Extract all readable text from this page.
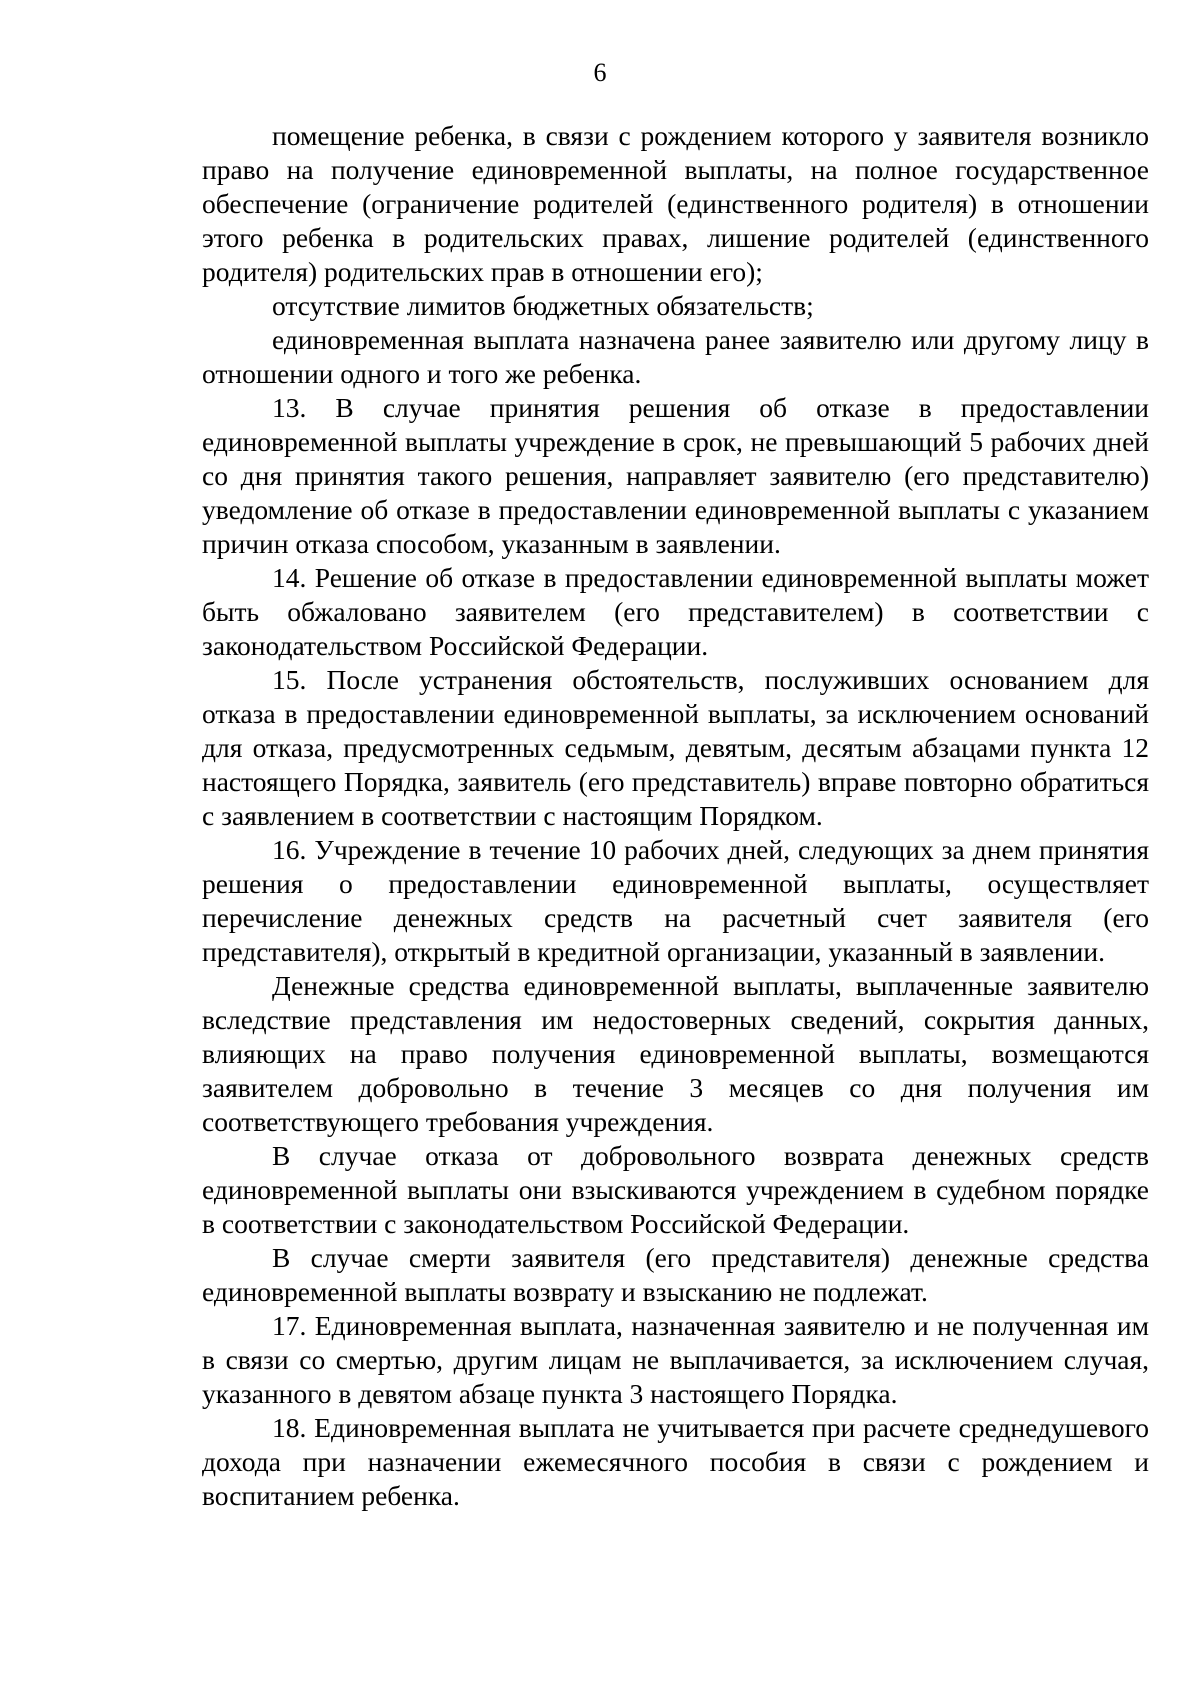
6

помещение ребенка, в связи с рождением которого у заявителя возникло право на получение единовременной выплаты, на полное государственное обеспечение (ограничение родителей (единственного родителя) в отношении этого ребенка в родительских правах, лишение родителей (единственного родителя) родительских прав в отношении его);

отсутствие лимитов бюджетных обязательств;

единовременная выплата назначена ранее заявителю или другому лицу в отношении одного и того же ребенка.

13. В случае принятия решения об отказе в предоставлении единовременной выплаты учреждение в срок, не превышающий 5 рабочих дней со дня принятия такого решения, направляет заявителю (его представителю) уведомление об отказе в предоставлении единовременной выплаты с указанием причин отказа способом, указанным в заявлении.

14. Решение об отказе в предоставлении единовременной выплаты может быть обжаловано заявителем (его представителем) в соответствии с законодательством Российской Федерации.

15. После устранения обстоятельств, послуживших основанием для отказа в предоставлении единовременной выплаты, за исключением оснований для отказа, предусмотренных седьмым, девятым, десятым абзацами пункта 12 настоящего Порядка, заявитель (его представитель) вправе повторно обратиться с заявлением в соответствии с настоящим Порядком.

16. Учреждение в течение 10 рабочих дней, следующих за днем принятия решения о предоставлении единовременной выплаты, осуществляет перечисление денежных средств на расчетный счет заявителя (его представителя), открытый в кредитной организации, указанный в заявлении.

Денежные средства единовременной выплаты, выплаченные заявителю вследствие представления им недостоверных сведений, сокрытия данных, влияющих на право получения единовременной выплаты, возмещаются заявителем добровольно в течение 3 месяцев со дня получения им соответствующего требования учреждения.

В случае отказа от добровольного возврата денежных средств единовременной выплаты они взыскиваются учреждением в судебном порядке в соответствии с законодательством Российской Федерации.

В случае смерти заявителя (его представителя) денежные средства единовременной выплаты возврату и взысканию не подлежат.

17. Единовременная выплата, назначенная заявителю и не полученная им в связи со смертью, другим лицам не выплачивается, за исключением случая, указанного в девятом абзаце пункта 3 настоящего Порядка.

18. Единовременная выплата не учитывается при расчете среднедушевого дохода при назначении ежемесячного пособия в связи с рождением и воспитанием ребенка.
